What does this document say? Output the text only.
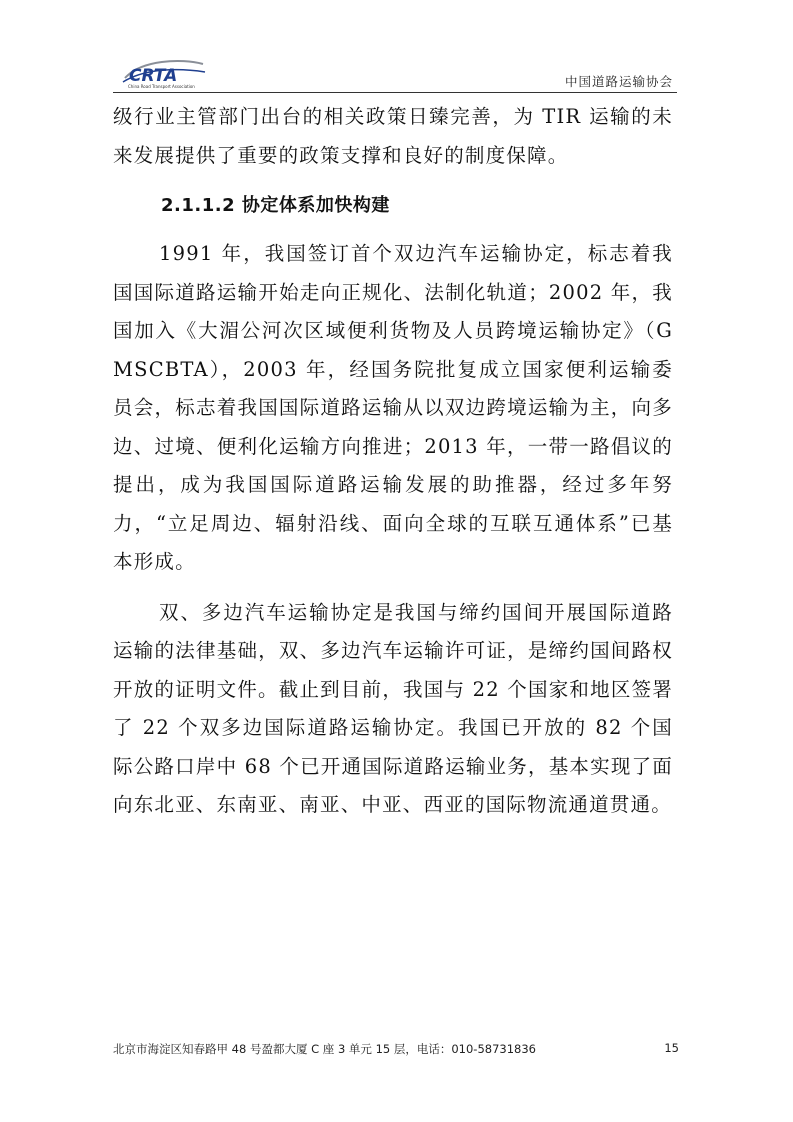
CRTA
China Road Transport Association	中国道路运输协会

级行业主管部门出台的相关政策日臻完善，为 TIR 运输的未来发展提供了重要的政策支撑和良好的制度保障。

2.1.1.2 协定体系加快构建

1991 年，我国签订首个双边汽车运输协定，标志着我国国际道路运输开始走向正规化、法制化轨道；2002 年，我国加入《大湄公河次区域便利货物及人员跨境运输协定》（GMSCBTA），2003 年，经国务院批复成立国家便利运输委员会，标志着我国国际道路运输从以双边跨境运输为主，向多边、过境、便利化运输方向推进；2013 年，一带一路倡议的提出，成为我国国际道路运输发展的助推器，经过多年努力，“立足周边、辐射沿线、面向全球的互联互通体系”已基本形成。

双、多边汽车运输协定是我国与缔约国间开展国际道路运输的法律基础，双、多边汽车运输许可证，是缔约国间路权开放的证明文件。截止到目前，我国与 22 个国家和地区签署了 22 个双多边国际道路运输协定。我国已开放的 82 个国际公路口岸中 68 个已开通国际道路运输业务，基本实现了面向东北亚、东南亚、南亚、中亚、西亚的国际物流通道贯通。

北京市海淀区知春路甲 48 号盈都大厦 C 座 3 单元 15 层，电话：010-58731836	15
